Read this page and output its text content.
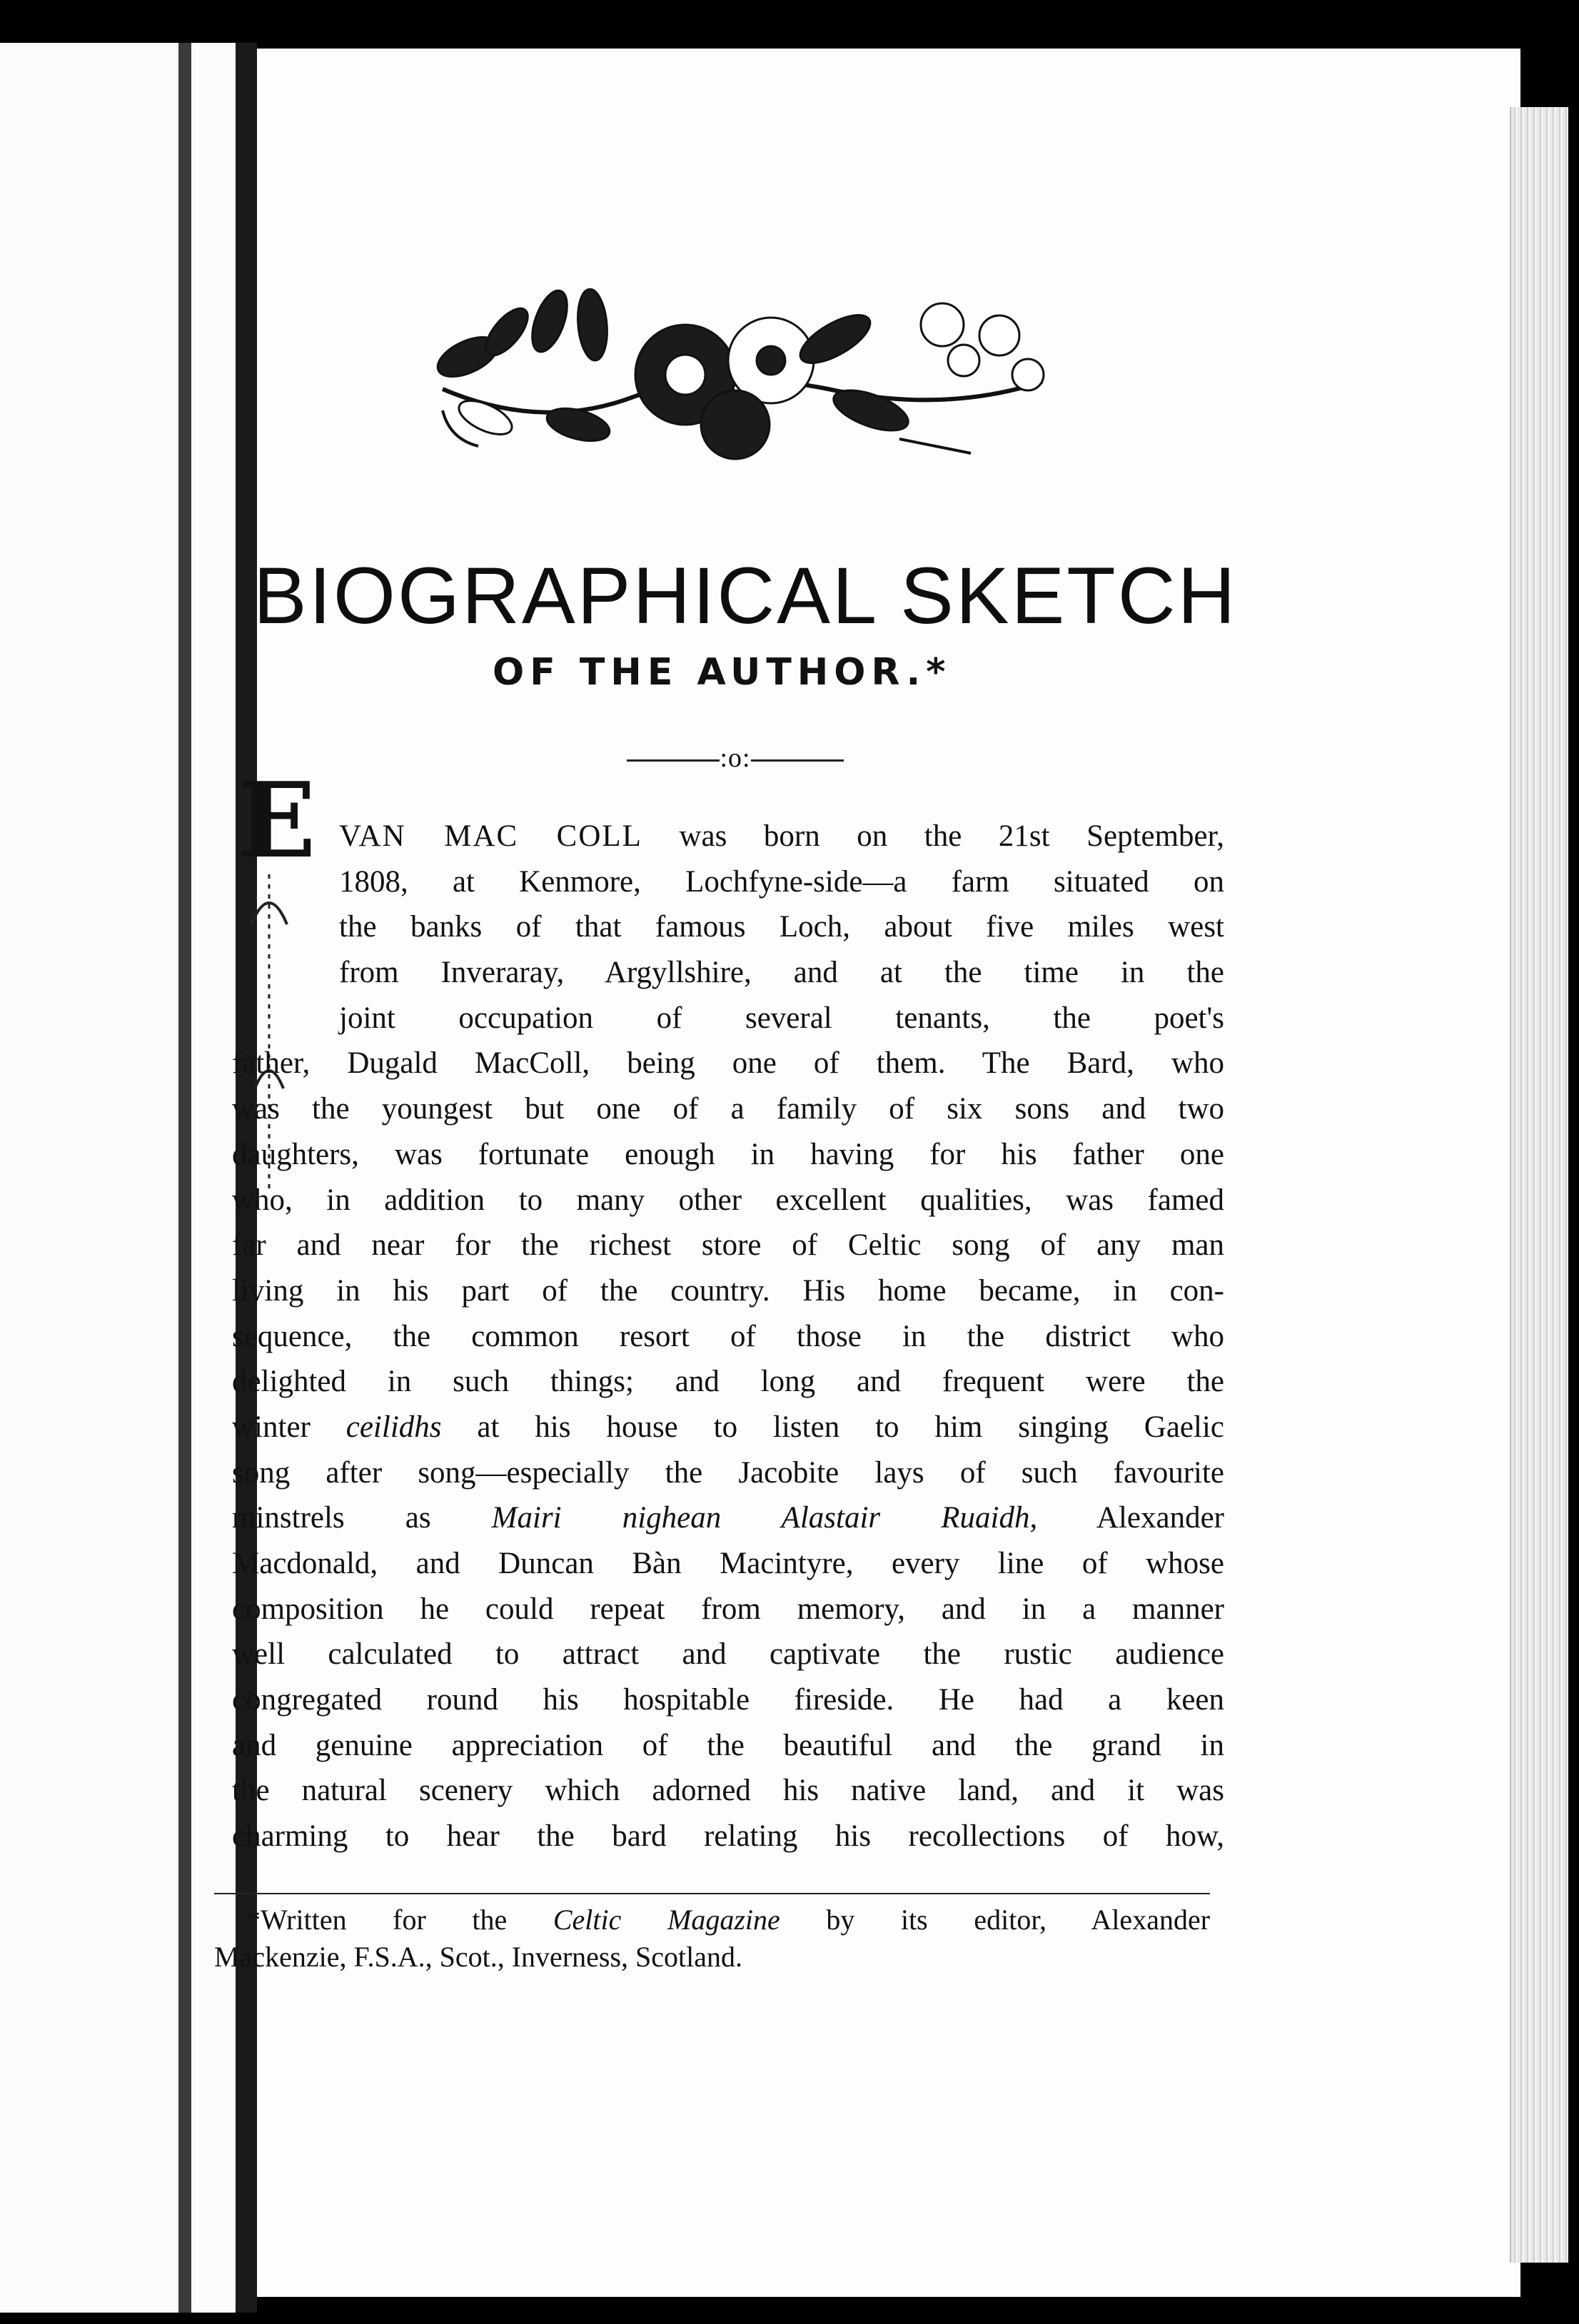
BIOGRAPHICAL SKETCH
OF THE AUTHOR.*
:o:
E VAN MAC COLL was born on the 21st September,
1808, at Kenmore, Lochfyne-side—a farm situated on
the banks of that famous Loch, about five miles west
from Inveraray, Argyllshire, and at the time in the
joint occupation of several tenants, the poet's
father, Dugald MacColl, being one of them. The Bard, who
was the youngest but one of a family of six sons and two
daughters, was fortunate enough in having for his father one
who, in addition to many other excellent qualities, was famed
far and near for the richest store of Celtic song of any man
living in his part of the country. His home became, in con-
sequence, the common resort of those in the district who
delighted in such things; and long and frequent were the
winter ceilidhs at his house to listen to him singing Gaelic
song after song—especially the Jacobite lays of such favourite
minstrels as Mairi nighean Alastair Ruaidh, Alexander
Macdonald, and Duncan Bàn Macintyre, every line of whose
composition he could repeat from memory, and in a manner
well calculated to attract and captivate the rustic audience
congregated round his hospitable fireside. He had a keen
and genuine appreciation of the beautiful and the grand in
the natural scenery which adorned his native land, and it was
charming to hear the bard relating his recollections of how,
*Written for the Celtic Magazine by its editor, Alexander
Mackenzie, F.S.A., Scot., Inverness, Scotland.
